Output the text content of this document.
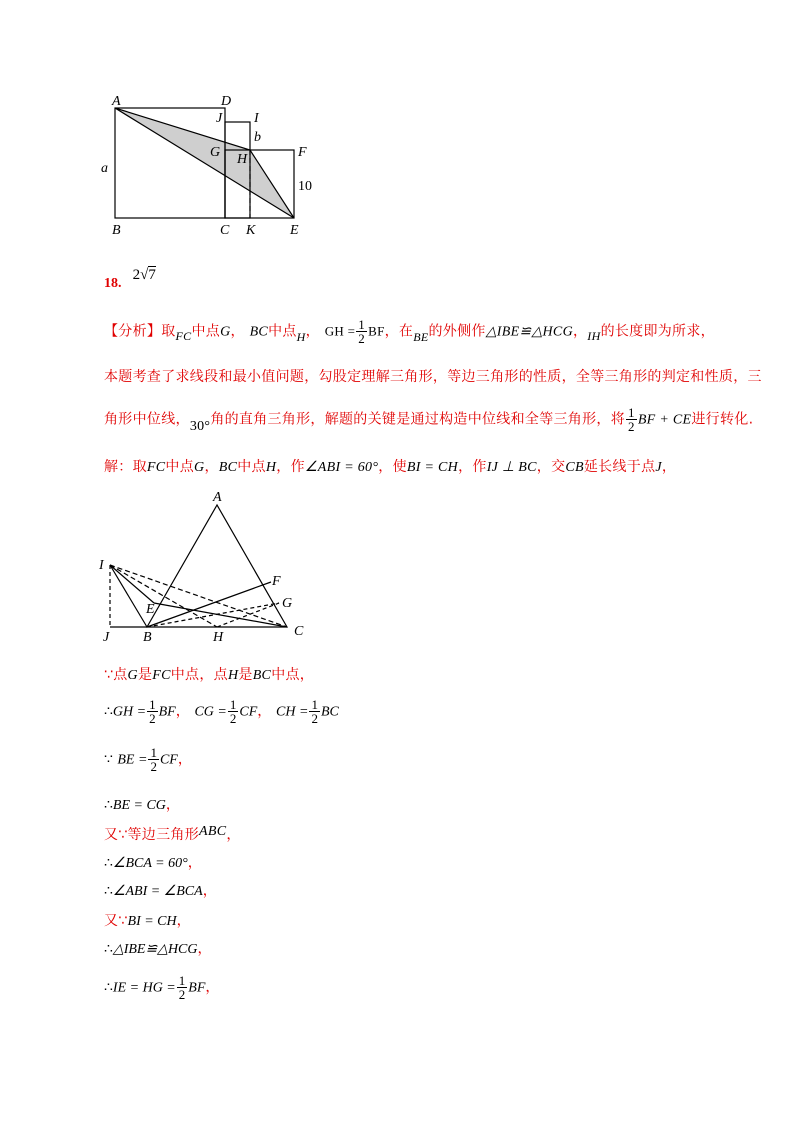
A	D
J I
b
G H	F
a
10
B	C K E
18. 2√7
【分析】取FC中点G， BC中点H， GH = $\frac{1}{2}$ BF，在BE的外侧作△IBE≌△HCG，IH的长度即为所求，
本题考查了求线段和最小值问题，勾股定理解三角形，等边三角形的性质，全等三角形的判定和性质，三
角形中位线，30°角的直角三角形，解题的关键是通过构造中位线和全等三角形，将 $\frac{1}{2}$ BF + CE进行转化.
解：取FC中点G，BC中点H，作∠ABI = 60°，使BI = CH，作IJ ⊥ BC，交CB延长线于点J，
A
I
F
E	G
J B	H	C
∵点G是FC中点，点H是BC中点，
∴GH = $\frac{1}{2}$ BF， CG = $\frac{1}{2}$ CF， CH = $\frac{1}{2}$ BC
∵ BE = $\frac{1}{2}$ CF，
∴BE = CG，
又∵等边三角形ABC，
∴∠BCA = 60°，
∴∠ABI = ∠BCA，
又∵BI = CH，
∴△IBE≌△HCG，
∴IE = HG = $\frac{1}{2}$ BF，
